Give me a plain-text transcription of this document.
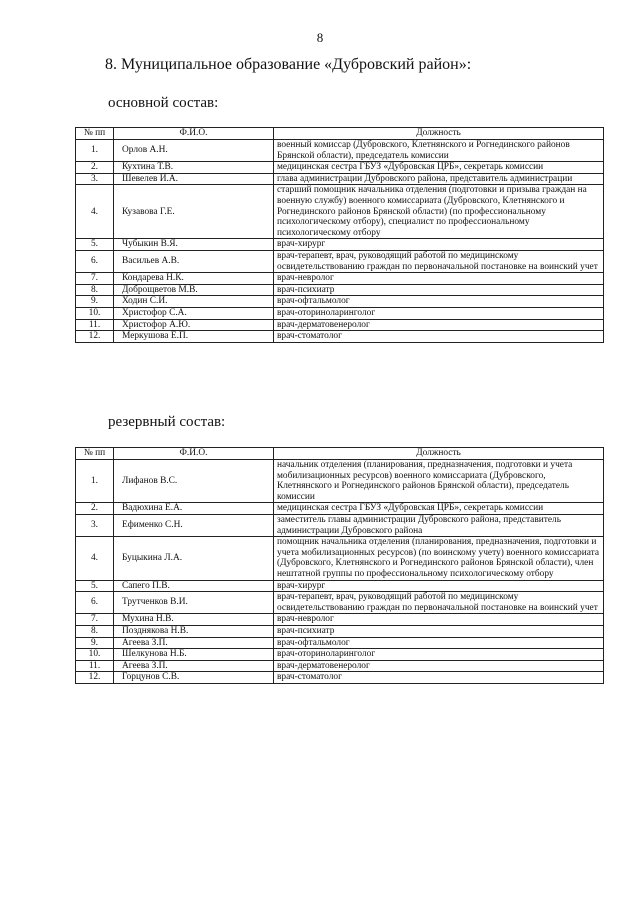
8
8. Муниципальное образование «Дубровский район»:
основной состав:
№ пп	Ф.И.О.	Должность
1.	Орлов А.Н.	военный комиссар (Дубровского, Клетнянского и Рогнединского районов Брянской области), председатель комиссии
2.	Кухтина Т.В.	медицинская сестра ГБУЗ «Дубровская ЦРБ», секретарь комиссии
3.	Шевелев И.А.	глава администрации Дубровского района, представитель администрации
4.	Кузавова Г.Е.	старший помощник начальника отделения (подготовки и призыва граждан на военную службу) военного комиссариата (Дубровского, Клетнянского и Рогнединского районов Брянской области) (по профессиональному психологическому отбору), специалист по профессиональному психологическому отбору
5.	Чубыкин В.Я.	врач-хирург
6.	Васильев А.В.	врач-терапевт, врач, руководящий работой по медицинскому освидетельствованию граждан по первоначальной постановке на воинский учет
7.	Кондарева Н.К.	врач-невролог
8.	Доброщветов М.В.	врач-психиатр
9.	Ходин С.И.	врач-офтальмолог
10.	Христофор С.А.	врач-оториноларинголог
11.	Христофор А.Ю.	врач-дерматовенеролог
12.	Меркушова Е.П.	врач-стоматолог
резервный состав:
№ пп	Ф.И.О.	Должность
1.	Лифанов В.С.	начальник отделения (планирования, предназначения, подготовки и учета мобилизационных ресурсов) военного комиссариата (Дубровского, Клетнянского и Рогнединского районов Брянской области), председатель комиссии
2.	Вадюхина Е.А.	медицинская сестра ГБУЗ «Дубровская ЦРБ», секретарь комиссии
3.	Ефименко С.Н.	заместитель главы администрации Дубровского района, представитель администрации Дубровского района
4.	Буцыкина Л.А.	помощник начальника отделения (планирования, предназначения, подготовки и учета мобилизационных ресурсов) (по воинскому учету) военного комиссариата (Дубровского, Клетнянского и Рогнединского районов Брянской области), член нештатной группы по профессиональному психологическому отбору
5.	Сапего П.В.	врач-хирург
6.	Трутченков В.И.	врач-терапевт, врач, руководящий работой по медицинскому освидетельствованию граждан по первоначальной постановке на воинский учет
7.	Мухина Н.В.	врач-невролог
8.	Позднякова Н.В.	врач-психиатр
9.	Агеева З.П.	врач-офтальмолог
10.	Шелкунова Н.Б.	врач-оториноларинголог
11.	Агеева З.П.	врач-дерматовенеролог
12.	Горцунов С.В.	врач-стоматолог
